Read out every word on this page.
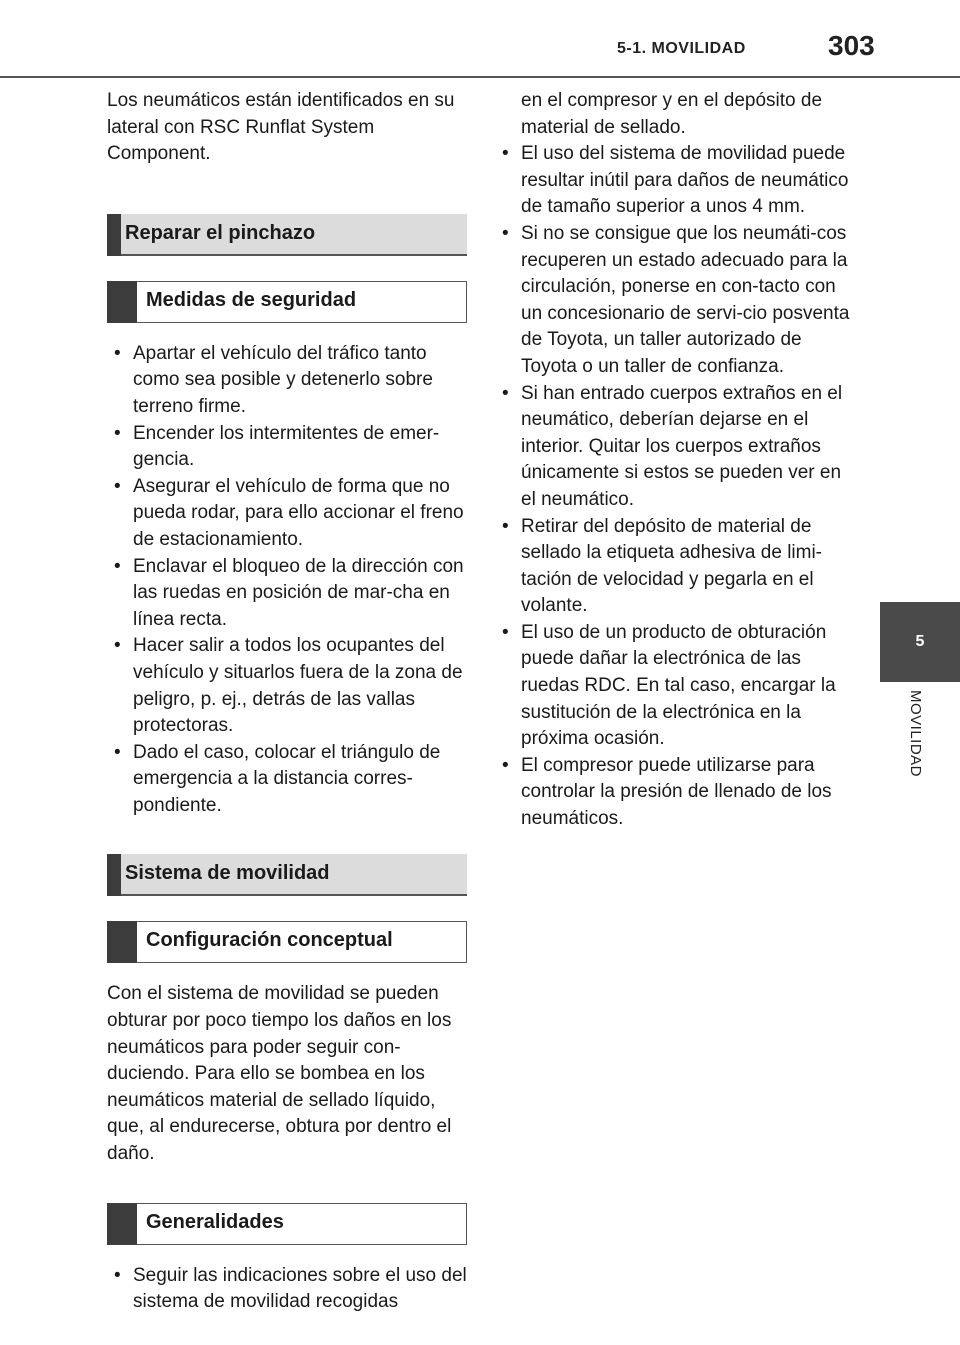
5-1. MOVILIDAD	303
5
MOVILIDAD

Los neumáticos están identificados en su lateral con RSC Runflat System Component.

Reparar el pinchazo
Medidas de seguridad
• Apartar el vehículo del tráfico tanto como sea posible y detenerlo sobre terreno firme.
• Encender los intermitentes de emer-gencia.
• Asegurar el vehículo de forma que no pueda rodar, para ello accionar el freno de estacionamiento.
• Enclavar el bloqueo de la dirección con las ruedas en posición de mar-cha en línea recta.
• Hacer salir a todos los ocupantes del vehículo y situarlos fuera de la zona de peligro, p. ej., detrás de las vallas protectoras.
• Dado el caso, colocar el triángulo de emergencia a la distancia corres-pondiente.
Sistema de movilidad
Configuración conceptual

Con el sistema de movilidad se pueden obturar por poco tiempo los daños en los neumáticos para poder seguir con-duciendo. Para ello se bombea en los neumáticos material de sellado líquido, que, al endurecerse, obtura por dentro el daño.

Generalidades
• Seguir las indicaciones sobre el uso del sistema de movilidad recogidas
en el compresor y en el depósito de material de sellado.
• El uso del sistema de movilidad puede resultar inútil para daños de neumático de tamaño superior a unos 4 mm.
• Si no se consigue que los neumáti-cos recuperen un estado adecuado para la circulación, ponerse en con-tacto con un concesionario de servi-cio posventa de Toyota, un taller autorizado de Toyota o un taller de confianza.
• Si han entrado cuerpos extraños en el neumático, deberían dejarse en el interior. Quitar los cuerpos extraños únicamente si estos se pueden ver en el neumático.
• Retirar del depósito de material de sellado la etiqueta adhesiva de limi-tación de velocidad y pegarla en el volante.
• El uso de un producto de obturación puede dañar la electrónica de las ruedas RDC. En tal caso, encargar la sustitución de la electrónica en la próxima ocasión.
• El compresor puede utilizarse para controlar la presión de llenado de los neumáticos.
